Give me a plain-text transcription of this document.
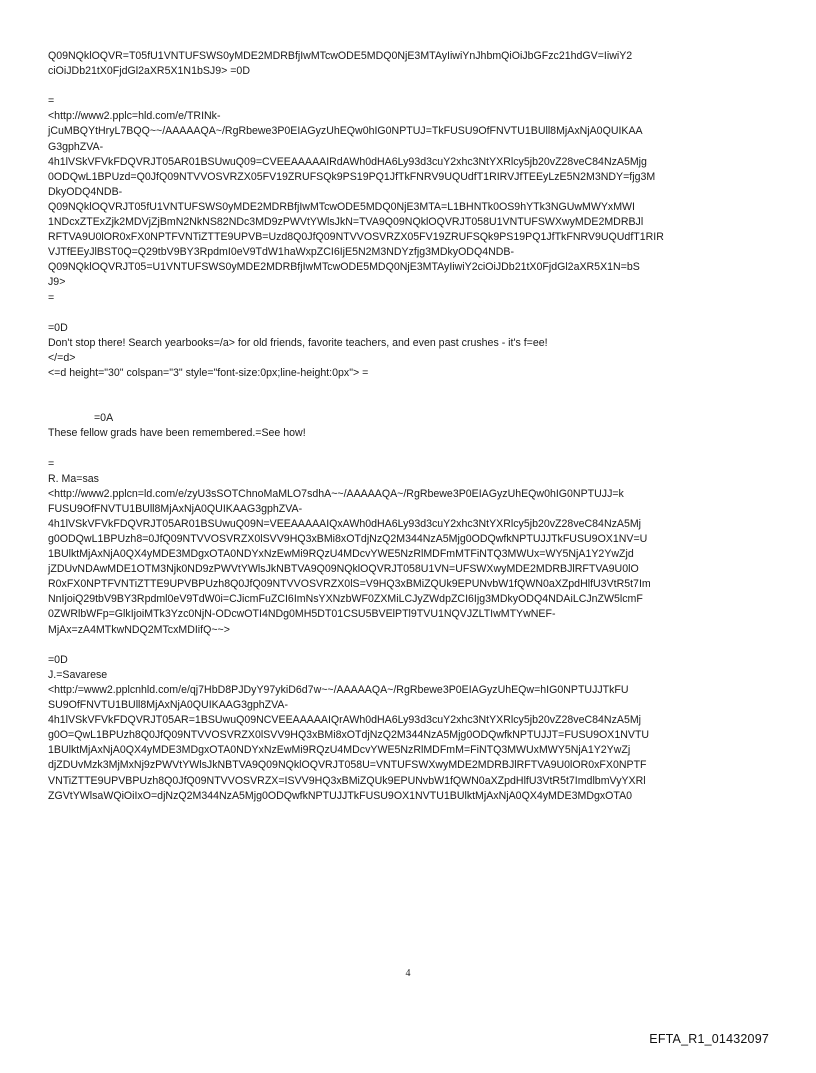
Q09NQklOQVR=T05fU1VNTUFSWS0yMDE2MDRBfjIwMTcwODE5MDQ0NjE3MTAyIiwiYnJhbmQiOiJbGFzc21hdGV=IiwiY2
ciOiJDb21tX0FjdGl2aXR5X1N1bSJ9> =0D
=
<http://www2.pplc=hld.com/e/TRINk-
jCuMBQYtHryL7BQQ~~/AAAAAQA~/RgRbewe3P0EIAGyzUhEQw0hIG0NPTUJ=TkFUSU9OfFNVTU1BUll8MjAxNjA0QUIKAA
G3gphZVA-
4h1lVSkVFVkFDQVRJT05AR01BSUwuQ09=CVEEAAAAAIRdAWh0dHA6Ly93d3cuY2xhc3NtYXRlcy5jb20vZ28veC84NzA5Mjg
0ODQwL1BPUzd=Q0JfQ09NTVVOSVRZX05FV19ZRUFSQk9PS19PQ1JfTkFNRV9UQUdfT1RIRVJfTEEyLzE5N2M3NDY=fjg3M
DkyODQ4NDB-
Q09NQklOQVRJT05fU1VNTUFSWS0yMDE2MDRBfjIwMTcwODE5MDQ0NjE3MTA=L1BHNTk0OS9hYTk3NGUwMWYxMWI
1NDcxZTExZjk2MDVjZjBmN2NkNS82NDc3MD9zPWVtYWlsJkN=TVA9Q09NQklOQVRJT058U1VNTUFSWXwyMDE2MDRBJl
RFTVA9U0lOR0xFX0NPTFVNTiZTTE9UPVB=Uzd8Q0JfQ09NTVVOSVRZX05FV19ZRUFSQk9PS19PQ1JfTkFNRV9UQUdfT1RIR
VJTfEEyJlBST0Q=Q29tbV9BY3RpdmI0eV9TdW1haWxpZCI6IjE5N2M3NDYzfjg3MDkyODQ4NDB-
Q09NQklOQVRJT05=U1VNTUFSWS0yMDE2MDRBfjIwMTcwODE5MDQ0NjE3MTAyIiwiY2ciOiJDb21tX0FjdGl2aXR5X1N=bS
J9>
=
=0D
Don't stop there! Search yearbooks=/a> for old friends, favorite teachers, and even past crushes - it's f=ee!
</=d>
<=d height="30" colspan="3" style="font-size:0px;line-height:0px"> =
=0A
These fellow grads have been remembered.=See how!
=
R. Ma=sas
<http://www2.pplcn=ld.com/e/zyU3sSOTChnoMaMLO7sdhA~~/AAAAAQA~/RgRbewe3P0EIAGyzUhEQw0hIG0NPTUJJ=k
FUSU9OfFNVTU1BUll8MjAxNjA0QUIKAAG3gphZVA-
4h1lVSkVFVkFDQVRJT05AR01BSUwuQ09N=VEEAAAAAIQxAWh0dHA6Ly93d3cuY2xhc3NtYXRlcy5jb20vZ28veC84NzA5Mj
g0ODQwL1BPUzh8=0JfQ09NTVVOSVRZX0lSVV9HQ3xBMi8xOTdjNzQ2M344NzA5Mjg0ODQwfkNPTUJJTkFUSU9OX1NV=U
1BUlktMjAxNjA0QX4yMDE3MDgxOTA0NDYxNzEwMi9RQzU4MDcvYWE5NzRlMDFmMTFiNTQ3MWUx=WY5NjA1Y2YwZjd
jZDUvNDAwMDE1OTM3Njk0ND9zPWVtYWlsJkNBTVA9Q09NQklOQVRJT058U1VN=UFSWXwyMDE2MDRBJlRFTVA9U0lO
R0xFX0NPTFVNTiZTTE9UPVBPUzh8Q0JfQ09NTVVOSVRZX0lS=V9HQ3xBMiZQUk9EPUNvbW1fQWN0aXZpdHlfU3VtR5t7Im
NnIjoiQ29tbV9BY3Rpdml0eV9TdW0i=CJicmFuZCI6ImNsYXNzbWF0ZXMiLCJyZWdpZCI6Ijg3MDkyODQ4NDAiLCJnZW5lcmF
0ZWRlbWFp=GlkIjoiMTk3Yzc0NjN-ODcwOTI4NDg0MH5DT01CSU5BVElPTl9TVU1NQVJZLTIwMTYwNEF-
MjAx=zA4MTkwNDQ2MTcxMDIifQ~~>
=0D
J.=Savarese
<http:/=www2.pplcnhld.com/e/qj7HbD8PJDyY97ykiD6d7w~~/AAAAAQA~/RgRbewe3P0EIAGyzUhEQw=hIG0NPTUJJTkFU
SU9OfFNVTU1BUll8MjAxNjA0QUIKAAG3gphZVA-
4h1lVSkVFVkFDQVRJT05AR=1BSUwuQ09NCVEEAAAAAIQrAWh0dHA6Ly93d3cuY2xhc3NtYXRlcy5jb20vZ28veC84NzA5Mj
g0O=QwL1BPUzh8Q0JfQ09NTVVOSVRZX0lSVV9HQ3xBMi8xOTdjNzQ2M344NzA5Mjg0ODQwfkNPTUJJT=FUSU9OX1NVTU
1BUlktMjAxNjA0QX4yMDE3MDgxOTA0NDYxNzEwMi9RQzU4MDcvYWE5NzRlMDFmM=FiNTQ3MWUxMWY5NjA1Y2YwZj
djZDUvMzk3MjMxNj9zPWVtYWlsJkNBTVA9Q09NQklOQVRJT058U=VNTUFSWXwyMDE2MDRBJlRFTVA9U0lOR0xFX0NPTF
VNTiZTTE9UPVBPUzh8Q0JfQ09NTVVOSVRZX=ISVV9HQ3xBMiZQUk9EPUNvbW1fQWN0aXZpdHlfU3VtR5t7ImdlbmVyYXRl
ZGVtYWlsaWQiOiIxO=djNzQ2M344NzA5Mjg0ODQwfkNPTUJJTkFUSU9OX1NVTU1BUlktMjAxNjA0QX4yMDE3MDgxOTA0
4
EFTA_R1_01432097
